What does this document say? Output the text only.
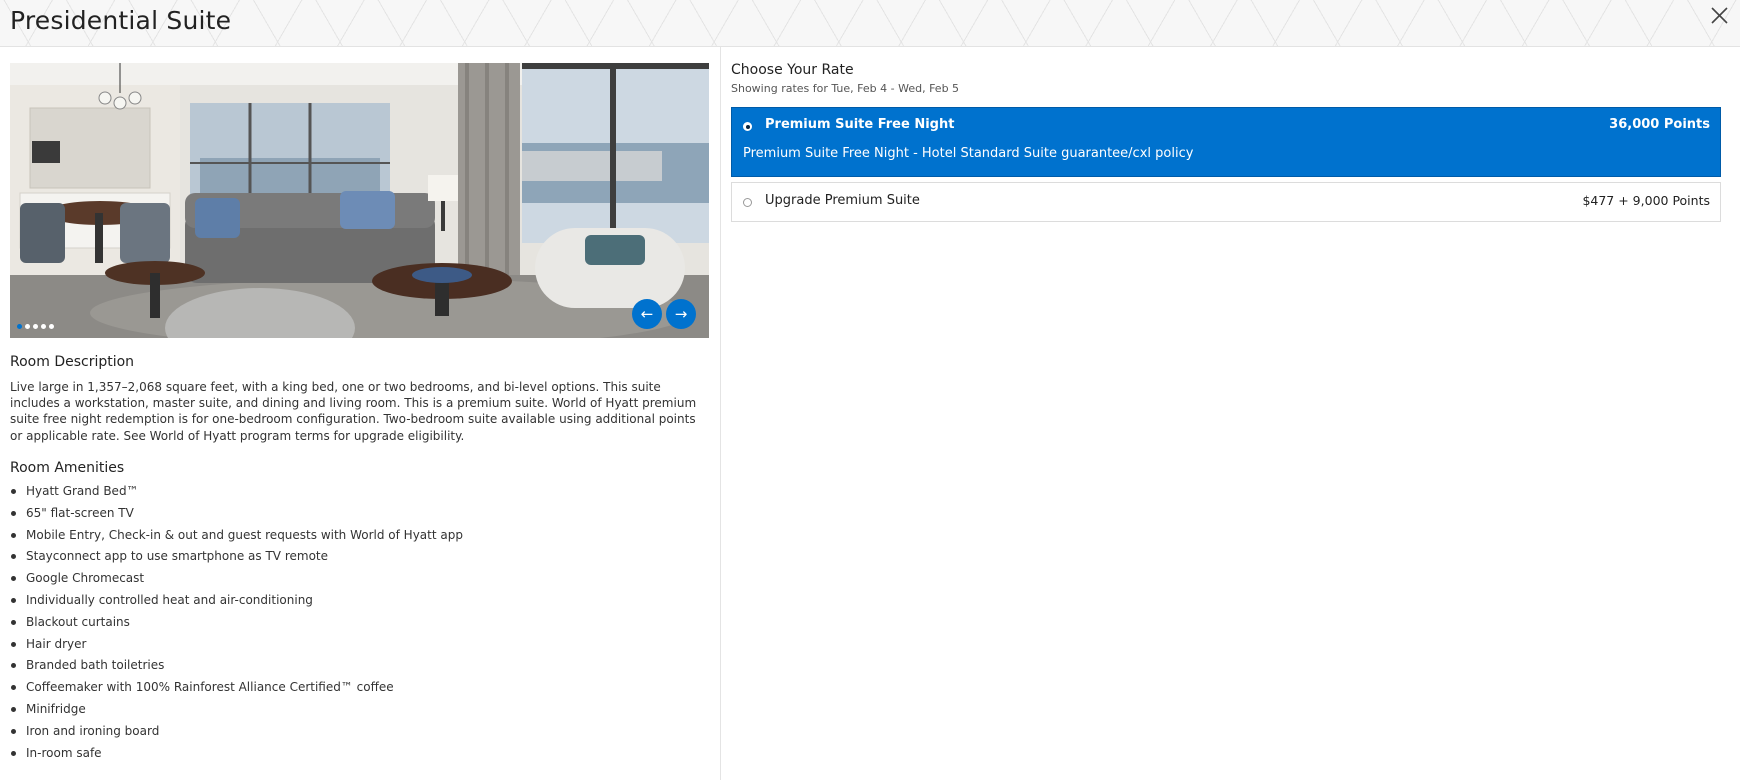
Presidential Suite
← →
Room Description
Live large in 1,357–2,068 square feet, with a king bed, one or two bedrooms, and bi-level options. This suite includes a workstation, master suite, and dining and living room. This is a premium suite. World of Hyatt premium suite free night redemption is for one-bedroom configuration. Two-bedroom suite available using additional points or applicable rate. See World of Hyatt program terms for upgrade eligibility.
Room Amenities
Hyatt Grand Bed™
65" flat-screen TV
Mobile Entry, Check-in & out and guest requests with World of Hyatt app
Stayconnect app to use smartphone as TV remote
Google Chromecast
Individually controlled heat and air-conditioning
Blackout curtains
Hair dryer
Branded bath toiletries
Coffeemaker with 100% Rainforest Alliance Certified™ coffee
Minifridge
Iron and ironing board
In-room safe
Choose Your Rate
Showing rates for Tue, Feb 4 - Wed, Feb 5
Premium Suite Free Night	36,000 Points
Premium Suite Free Night - Hotel Standard Suite guarantee/cxl policy
Upgrade Premium Suite	$477 + 9,000 Points
